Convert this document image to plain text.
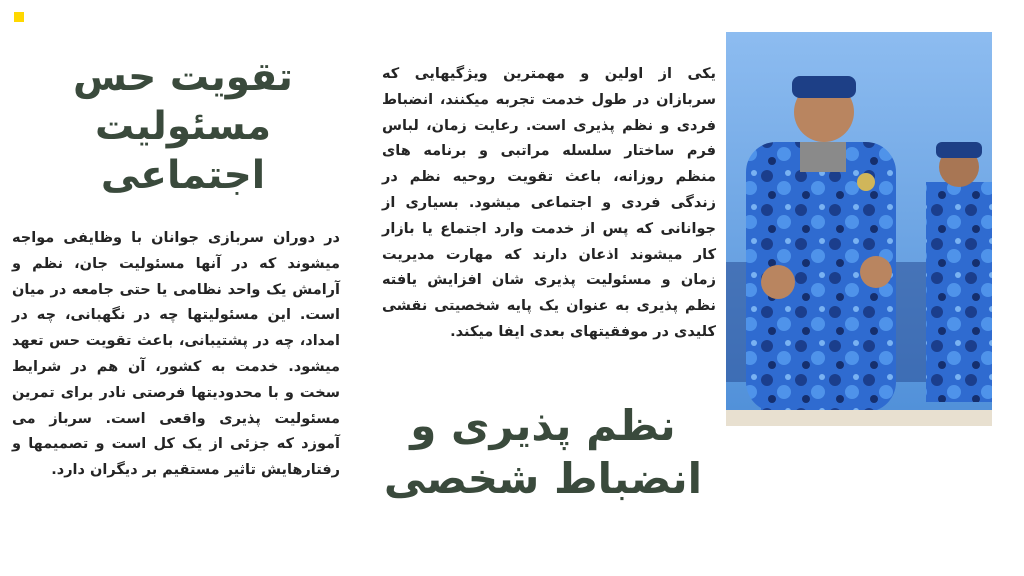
تقویت حس
مسئولیت اجتماعی

در دوران سربازی جوانان با وظایفی مواجه میشوند که در آنها مسئولیت جان، نظم و آرامش یک واحد نظامی یا حتی جامعه در میان است. این مسئولیتها چه در نگهبانی، چه در امداد، چه در پشتیبانی، باعث تقویت حس تعهد میشود. خدمت به کشور، آن هم در شرایط سخت و با محدودیتها فرصتی نادر برای تمرین مسئولیت پذیری واقعی است. سرباز می آموزد که جزئی از یک کل است و تصمیمها و رفتارهایش تاثیر مستقیم بر دیگران دارد.

یکی از اولین و مهمترین ویژگیهایی که سربازان در طول خدمت تجربه میکنند، انضباط فردی و نظم پذیری است. رعایت زمان، لباس فرم ساختار سلسله مراتبی و برنامه های منظم روزانه، باعث تقویت روحیه نظم در زندگی فردی و اجتماعی میشود. بسیاری از جوانانی که پس از خدمت وارد اجتماع یا بازار کار میشوند اذعان دارند که مهارت مدیریت زمان و مسئولیت پذیری شان افزایش یافته نظم پذیری به عنوان یک پایه شخصیتی نقشی کلیدی در موفقیتهای بعدی ایفا میکند.

نظم پذیری و
انضباط شخصی
